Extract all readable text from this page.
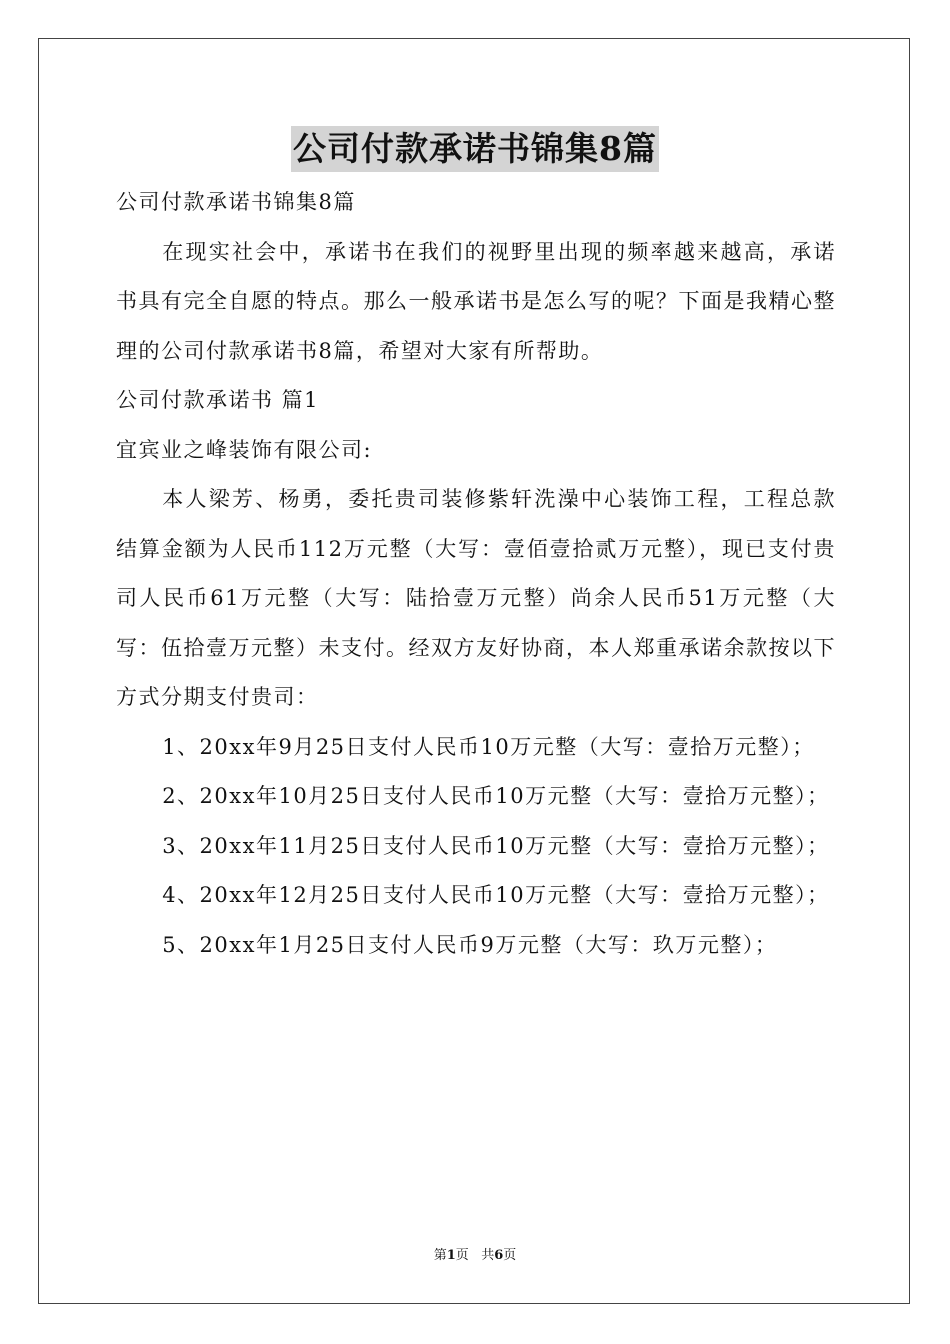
公司付款承诺书锦集8篇

公司付款承诺书锦集8篇

在现实社会中，承诺书在我们的视野里出现的频率越来越高，承诺书具有完全自愿的特点。那么一般承诺书是怎么写的呢？下面是我精心整理的公司付款承诺书8篇，希望对大家有所帮助。

公司付款承诺书 篇1

宜宾业之峰装饰有限公司:

本人梁芳、杨勇，委托贵司装修紫轩洗澡中心装饰工程，工程总款结算金额为人民币112万元整（大写：壹佰壹拾贰万元整），现已支付贵司人民币61万元整（大写：陆拾壹万元整）尚余人民币51万元整（大写：伍拾壹万元整）未支付。经双方友好协商，本人郑重承诺余款按以下方式分期支付贵司：

1、20xx年9月25日支付人民币10万元整（大写：壹拾万元整）；

2、20xx年10月25日支付人民币10万元整（大写：壹拾万元整）；

3、20xx年11月25日支付人民币10万元整（大写：壹拾万元整）；

4、20xx年12月25日支付人民币10万元整（大写：壹拾万元整）；

5、20xx年1月25日支付人民币9万元整（大写：玖万元整）；

第1页 共6页
